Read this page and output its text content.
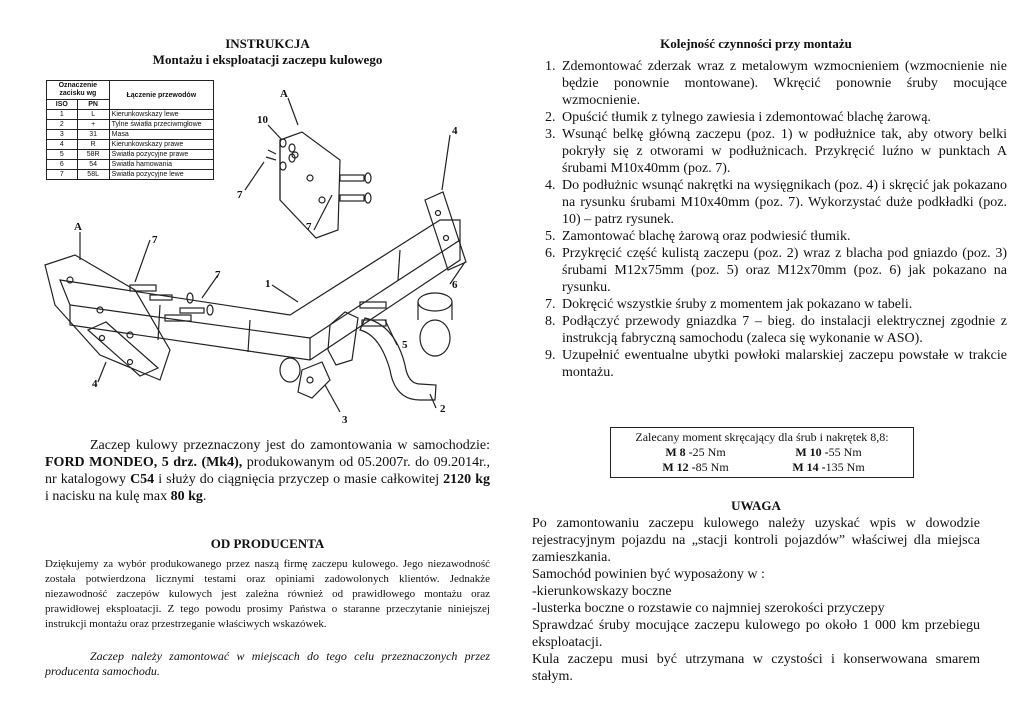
INSTRUKCJA
Montażu i eksploatacji zaczepu kulowego
Oznaczenie zacisku wg		Łączenie przewodów
ISO	PN	
1	L	Kierunkowskazy lewe
2	+	Tylne światła przeciwmgłowe
3	31	Masa
4	R	Kierunkowskazy prawe
5	58R	Światła pozycyjne prawe
6	54	Światła hamowania
7	58L	Światła pozycyjne lewe
A
10
4
7
A
7
7
7
1	6
5
4
3
2
Zaczep kulowy przeznaczony jest do zamontowania w samochodzie: FORD MONDEO, 5 drz. (Mk4), produkowanym od 05.2007r. do 09.2014r., nr katalogowy C54 i służy do ciągnięcia przyczep o masie całkowitej 2120 kg i nacisku na kulę max 80 kg.
OD PRODUCENTA
Dziękujemy za wybór produkowanego przez naszą firmę zaczepu kulowego. Jego niezawodność została potwierdzona licznymi testami oraz opiniami zadowolonych klientów. Jednakże niezawodność zaczepów kulowych jest zależna również od prawidłowego montażu oraz prawidłowej eksploatacji. Z tego powodu prosimy Państwa o staranne przeczytanie niniejszej instrukcji montażu oraz przestrzeganie właściwych wskazówek.
Zaczep należy zamontować w miejscach do tego celu przeznaczonych przez producenta samochodu.
Kolejność czynności przy montażu
1. Zdemontować zderzak wraz z metalowym wzmocnieniem (wzmocnienie nie będzie ponownie montowane). Wkręcić ponownie śruby mocujące wzmocnienie.
2. Opuścić tłumik z tylnego zawiesia i zdemontować blachę żarową.
3. Wsunąć belkę główną zaczepu (poz. 1) w podłużnice tak, aby otwory belki pokryły się z otworami w podłużnicach. Przykręcić luźno w punktach A śrubami M10x40mm (poz. 7).
4. Do podłużnic wsunąć nakrętki na wysięgnikach (poz. 4) i skręcić jak pokazano na rysunku śrubami M10x40mm (poz. 7). Wykorzystać duże podkładki (poz. 10) – patrz rysunek.
5. Zamontować blachę żarową oraz podwiesić tłumik.
6. Przykręcić część kulistą zaczepu (poz. 2) wraz z blacha pod gniazdo (poz. 3) śrubami M12x75mm (poz. 5) oraz M12x70mm (poz. 6) jak pokazano na rysunku.
7. Dokręcić wszystkie śruby z momentem jak pokazano w tabeli.
8. Podłączyć przewody gniazdka 7 – bieg. do instalacji elektrycznej zgodnie z instrukcją fabryczną samochodu (zaleca się wykonanie w ASO).
9. Uzupełnić ewentualne ubytki powłoki malarskiej zaczepu powstałe w trakcie montażu.
Zalecany moment skręcający dla śrub i nakrętek 8,8:
M 8 -25 Nm	M 10 -55 Nm
M 12 -85 Nm	M 14 -135 Nm
UWAGA
Po zamontowaniu zaczepu kulowego należy uzyskać wpis w dowodzie rejestracyjnym pojazdu na „stacji kontroli pojazdów” właściwej dla miejsca zamieszkania.
Samochód powinien być wyposażony w :
-kierunkowskazy boczne
-lusterka boczne o rozstawie co najmniej szerokości przyczepy
Sprawdzać śruby mocujące zaczepu kulowego po około 1 000 km przebiegu eksploatacji.
Kula zaczepu musi być utrzymana w czystości i konserwowana smarem stałym.
